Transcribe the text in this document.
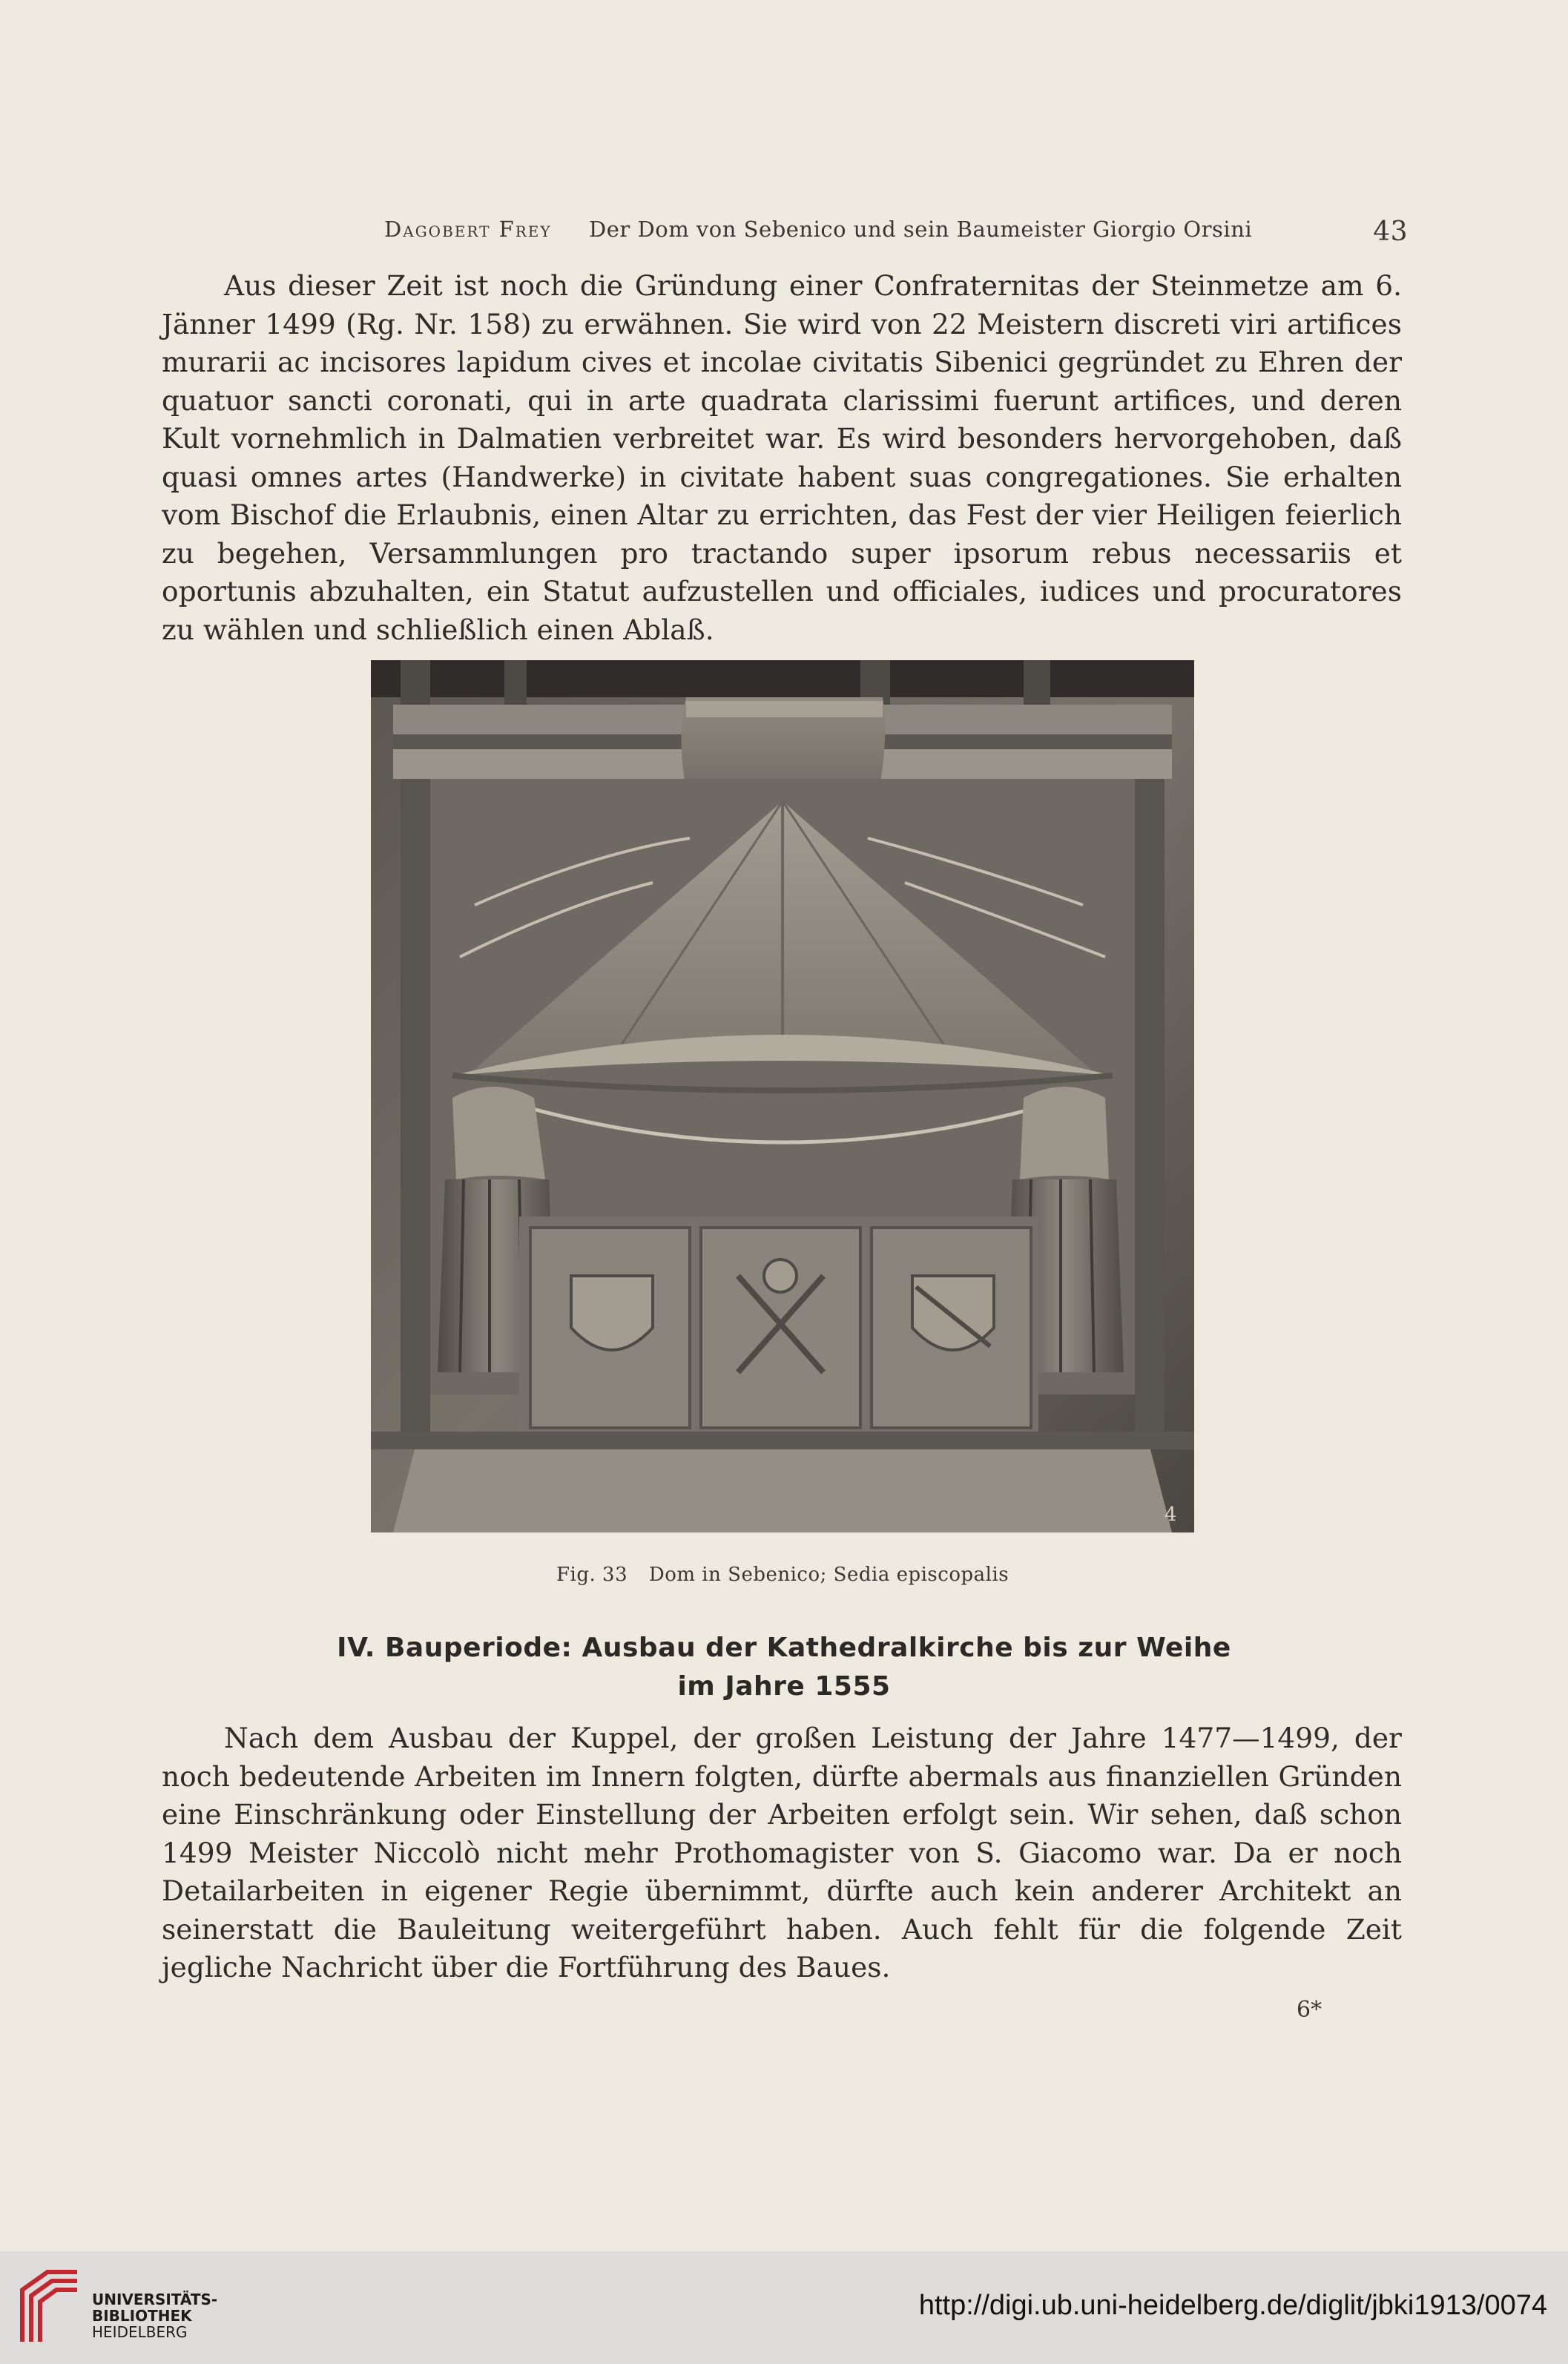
Dagobert Frey Der Dom von Sebenico und sein Baumeister Giorgio Orsini	43

Aus dieser Zeit ist noch die Gründung einer Confraternitas der Steinmetze am 6. Jänner 1499 (Rg. Nr. 158) zu erwähnen. Sie wird von 22 Meistern discreti viri artifices murarii ac incisores lapidum cives et incolae civitatis Sibenici gegründet zu Ehren der quatuor sancti coronati, qui in arte quadrata clarissimi fuerunt artifices, und deren Kult vornehmlich in Dalmatien verbreitet war. Es wird besonders hervorgehoben, daß quasi omnes artes (Handwerke) in civitate habent suas congregationes. Sie erhalten vom Bischof die Erlaubnis, einen Altar zu errichten, das Fest der vier Heiligen feierlich zu begehen, Versammlungen pro tractando super ipsorum rebus necessariis et oportunis abzuhalten, ein Statut aufzustellen und officiales, iudices und procuratores zu wählen und schließlich einen Ablaß.

4
Fig. 33 Dom in Sebenico; Sedia episcopalis
IV. Bauperiode: Ausbau der Kathedralkirche bis zur Weihe
im Jahre 1555

Nach dem Ausbau der Kuppel, der großen Leistung der Jahre 1477—1499, der noch bedeutende Arbeiten im Innern folgten, dürfte abermals aus finanziellen Gründen eine Einschränkung oder Einstellung der Arbeiten erfolgt sein. Wir sehen, daß schon 1499 Meister Niccolò nicht mehr Prothomagister von S. Giacomo war. Da er noch Detailarbeiten in eigener Regie übernimmt, dürfte auch kein anderer Architekt an seinerstatt die Bauleitung weitergeführt haben. Auch fehlt für die folgende Zeit jegliche Nachricht über die Fortführung des Baues.

6*
UNIVERSITÄTS-
BIBLIOTHEK
HEIDELBERG
http://digi.ub.uni-heidelberg.de/diglit/jbki1913/0074
